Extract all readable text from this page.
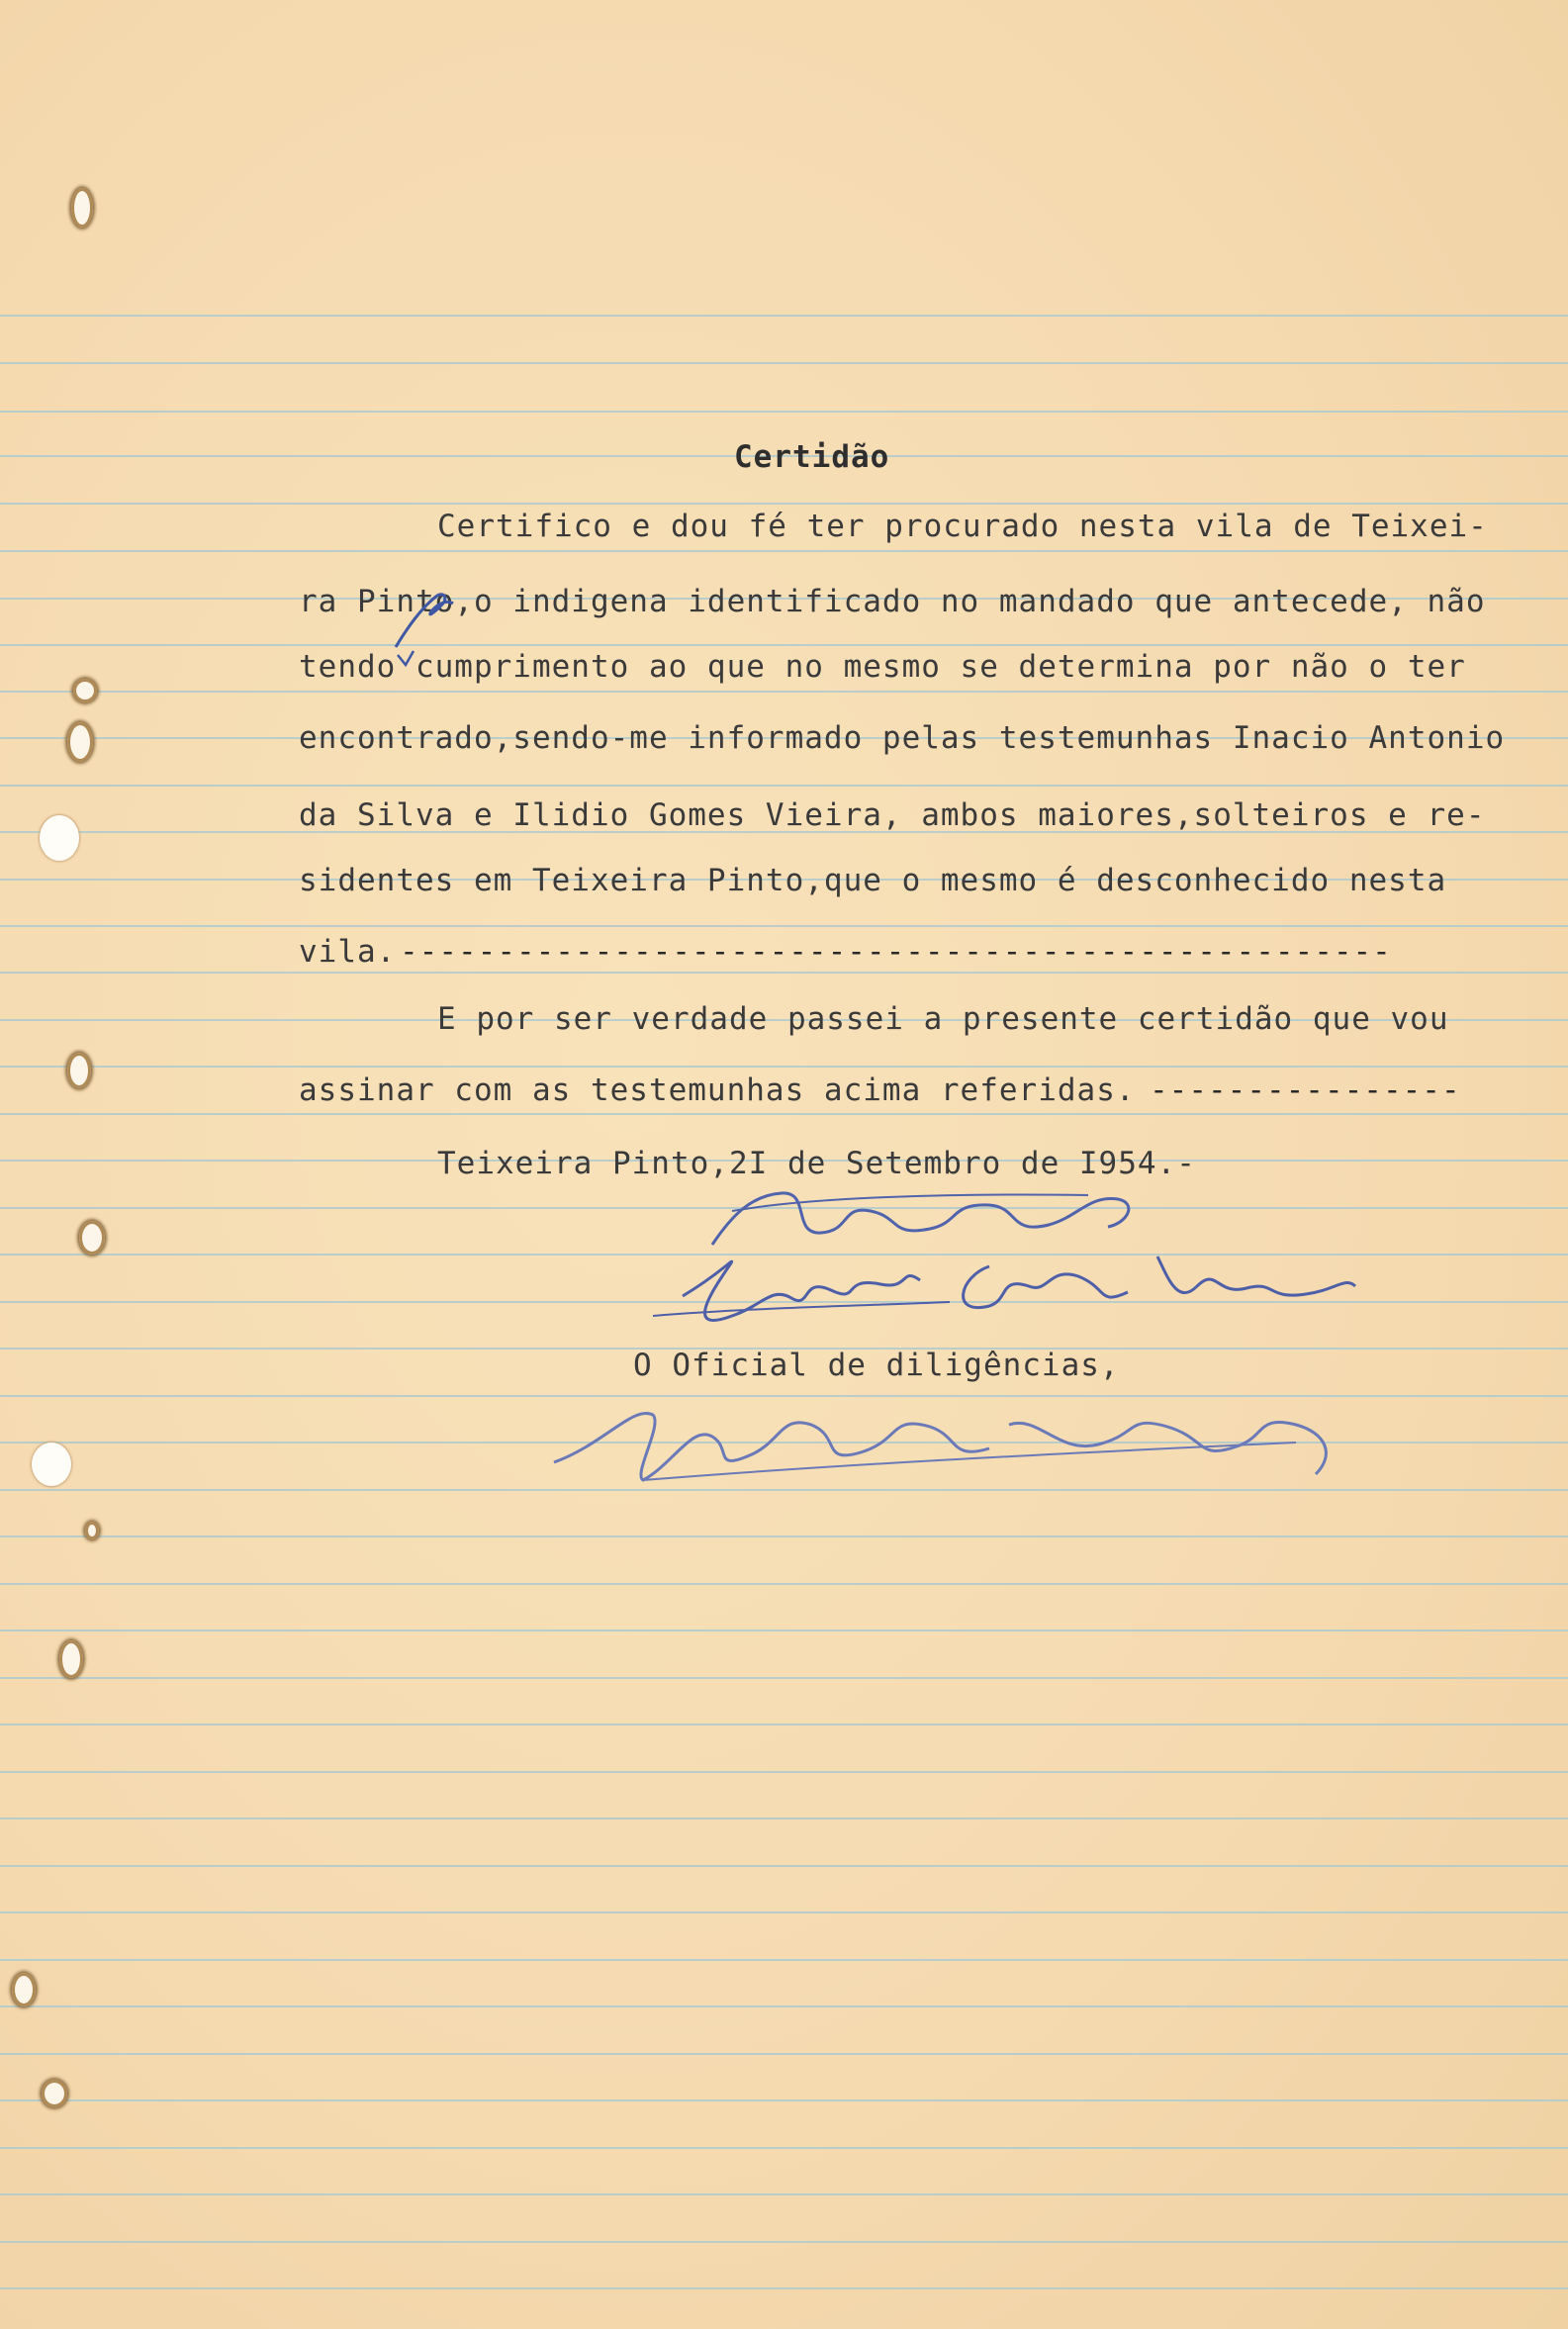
Certidão
Certifico e dou fé ter procurado nesta vila de Teixei-
ra Pinto,o indigena identificado no mandado que antecede, não
tendo cumprimento ao que no mesmo se determina por não o ter
encontrado,sendo-me informado pelas testemunhas Inacio Antonio
da Silva e Ilidio Gomes Vieira, ambos maiores,solteiros e re-
sidentes em Teixeira Pinto,que o mesmo é desconhecido nesta
vila. ---------------------------------------------------
E por ser verdade passei a presente certidão que vou
assinar com as testemunhas acima referidas. ----------------
Teixeira Pinto,2I de Setembro de I954.-
O Oficial de diligências,
